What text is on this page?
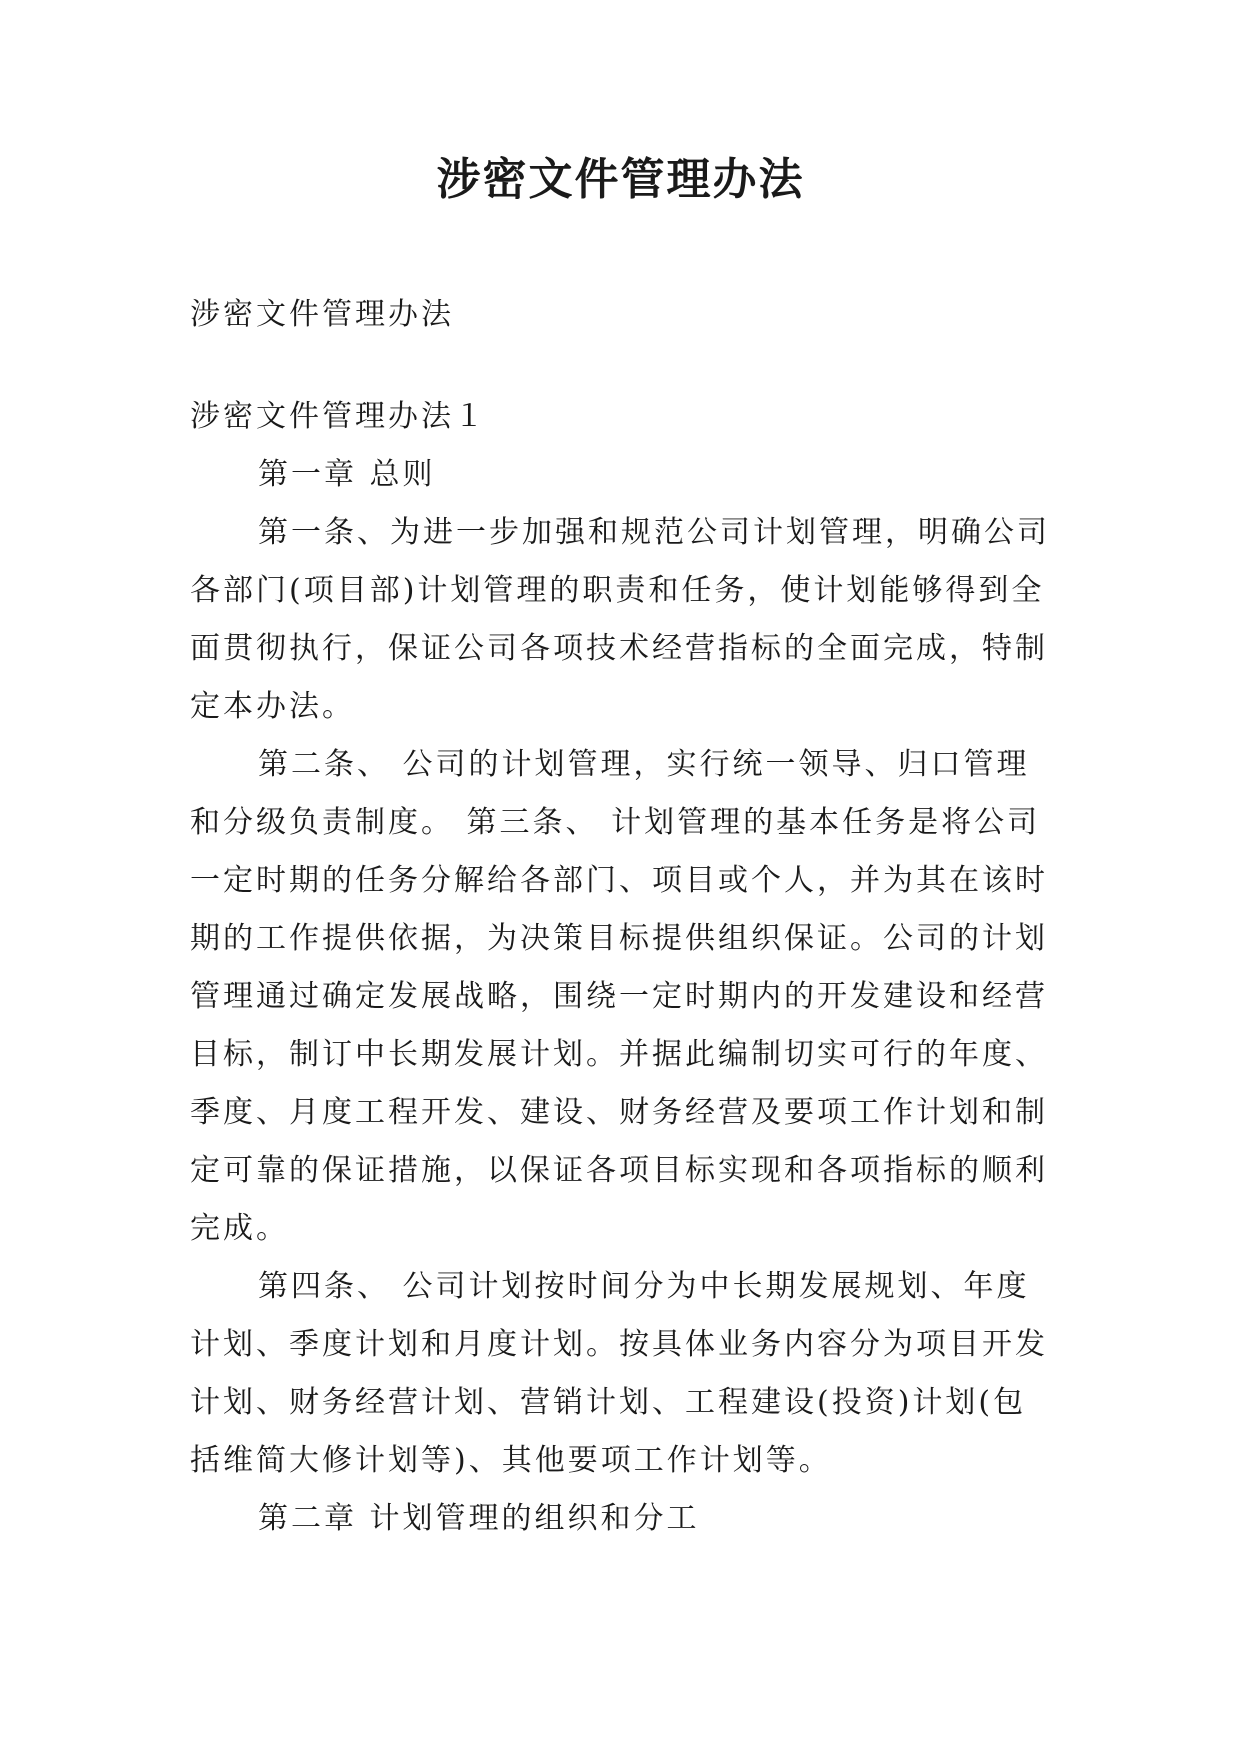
涉密文件管理办法

涉密文件管理办法

涉密文件管理办法１

第一章 总则

第一条、为进一步加强和规范公司计划管理，明确公司

各部门(项目部)计划管理的职责和任务，使计划能够得到全

面贯彻执行，保证公司各项技术经营指标的全面完成，特制

定本办法。

第二条、 公司的计划管理，实行统一领导、归口管理

和分级负责制度。 第三条、 计划管理的基本任务是将公司

一定时期的任务分解给各部门、项目或个人，并为其在该时

期的工作提供依据，为决策目标提供组织保证。公司的计划

管理通过确定发展战略，围绕一定时期内的开发建设和经营

目标，制订中长期发展计划。并据此编制切实可行的年度、

季度、月度工程开发、建设、财务经营及要项工作计划和制

定可靠的保证措施，以保证各项目标实现和各项指标的顺利

完成。

第四条、 公司计划按时间分为中长期发展规划、年度

计划、季度计划和月度计划。按具体业务内容分为项目开发

计划、财务经营计划、营销计划、工程建设(投资)计划(包

括维简大修计划等)、其他要项工作计划等。

第二章 计划管理的组织和分工
